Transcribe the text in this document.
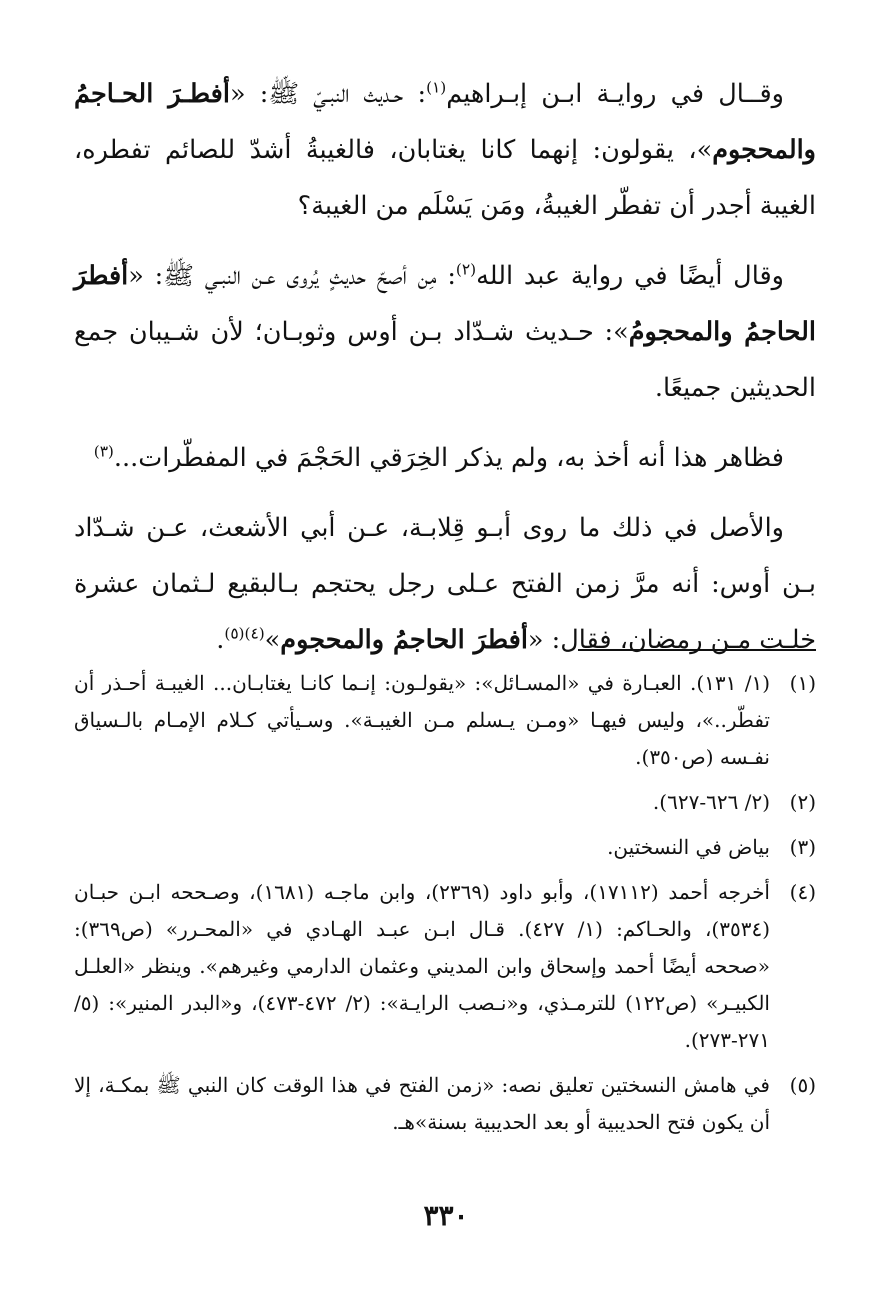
وقــال في روايـة ابـن إبـراهيم$^{(١)}$: حـديث النبـيّ ﷺ: «أفطـرَ الحـاجمُ والمحجوم»، يقولون: إنهما كانا يغتابان، فالغيبةُ أشدّ للصائم تفطره، الغيبة أجدر أن تفطّر الغيبةُ، ومَن يَسْلَم من الغيبة؟

وقال أيضًا في رواية عبد الله$^{(٢)}$: مِن أصحّ حديثٍ يُروى عـن النبـي ﷺ: «أفطرَ الحاجمُ والمحجومُ»: حـديث شـدّاد بـن أوس وثوبـان؛ لأن شـيبان جمع الحديثين جميعًا.

فظاهر هذا أنه أخذ به، ولم يذكر الخِرَقي الحَجْمَ في المفطّرات...$^{(٣)}$

والأصل في ذلك ما روى أبـو قِلابـة، عـن أبي الأشعث، عـن شـدّاد بـن أوس: أنه مرَّ زمن الفتح عـلى رجل يحتجم بـالبقيع لـثمان عشرة خلـت مـن رمضان، فقال: «أفطرَ الحاجمُ والمحجوم»$^{(٤)(٥)}$.

(١)
(١/ ١٣١). العبـارة في «المسـائل»: «يقولـون: إنـما كانـا يغتابـان... الغيبـة أحـذر أن تفطّر..»، وليس فيهـا «ومـن يـسلم مـن الغيبـة». وسـيأتي كـلام الإمـام بالـسياق نفـسه (ص٣٥٠).
(٢)
(٢/ ٦٢٦-٦٢٧).
(٣)
بياض في النسختين.
(٤)
أخرجه أحمد (١٧١١٢)، وأبو داود (٢٣٦٩)، وابن ماجـه (١٦٨١)، وصـححه ابـن حبـان (٣٥٣٤)، والحـاكم: (١/ ٤٢٧). قـال ابـن عبـد الهـادي في «المحـرر» (ص٣٦٩): «صححه أيضًا أحمد وإسحاق وابن المديني وعثمان الدارمي وغيرهم». وينظر «العلـل الكبيـر» (ص١٢٢) للترمـذي، و«نـصب الرايـة»: (٢/ ٤٧٢-٤٧٣)، و«البدر المنير»: (٥/ ٢٧١-٢٧٣).
(٥)
في هامش النسختين تعليق نصه: «زمن الفتح في هذا الوقت كان النبي ﷺ بمكـة، إلا أن يكون فتح الحديبية أو بعد الحديبية بسنة»هـ.
٣٣٠
